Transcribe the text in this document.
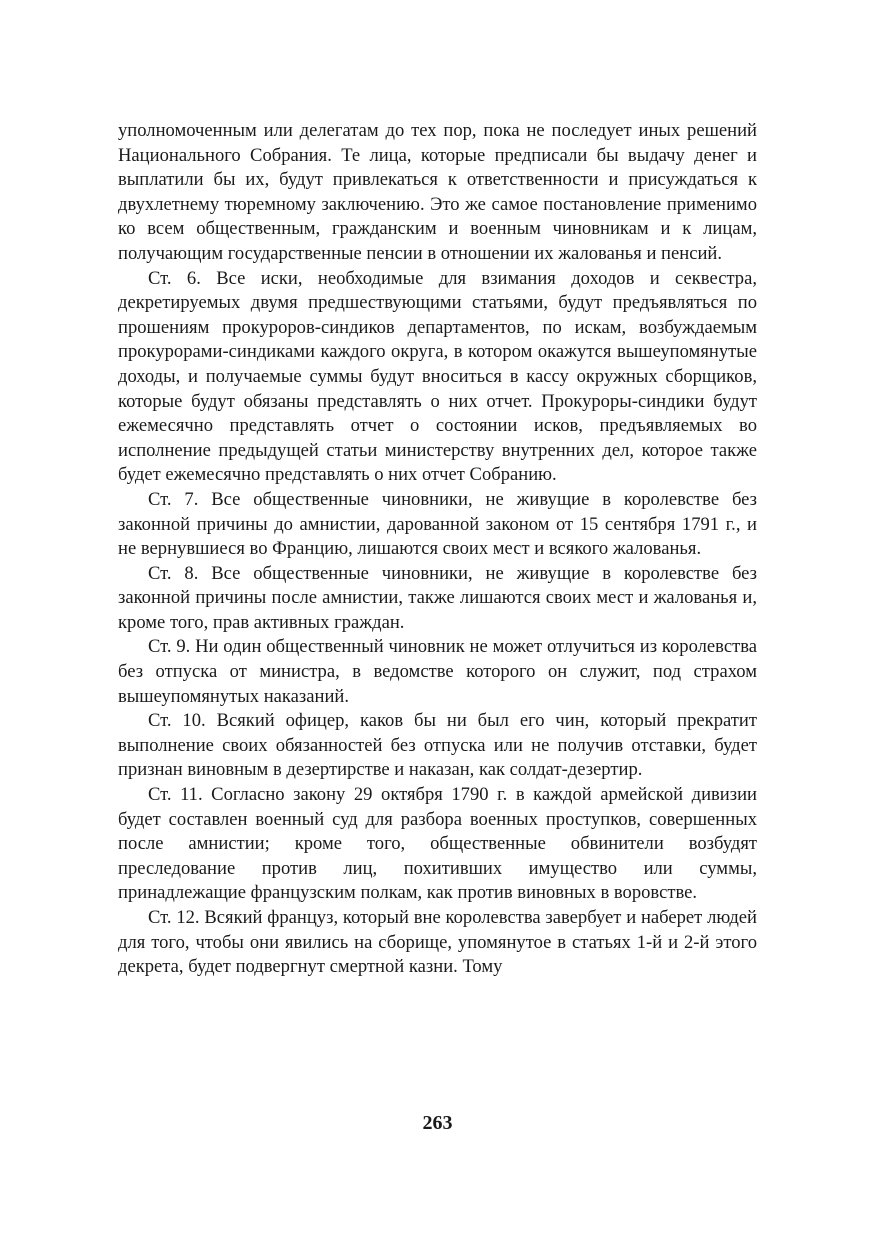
уполномоченным или делегатам до тех пор, пока не последует иных решений Национального Собрания. Те лица, которые предписали бы выдачу денег и выплатили бы их, будут привлекаться к ответственности и присуждаться к двухлетнему тюремному заключению. Это же самое постановление применимо ко всем общественным, гражданским и военным чиновникам и к лицам, получающим государственные пенсии в отношении их жалованья и пенсий.

Ст. 6. Все иски, необходимые для взимания доходов и секвестра, декретируемых двумя предшествующими статьями, будут предъявляться по прошениям прокуроров-синдиков департаментов, по искам, возбуждаемым прокурорами-синдиками каждого округа, в котором окажутся вышеупомянутые доходы, и получаемые суммы будут вноситься в кассу окружных сборщиков, которые будут обязаны представлять о них отчет. Прокуроры-синдики будут ежемесячно представлять отчет о состоянии исков, предъявляемых во исполнение предыдущей статьи министерству внутренних дел, которое также будет ежемесячно представлять о них отчет Собранию.

Ст. 7. Все общественные чиновники, не живущие в королевстве без законной причины до амнистии, дарованной законом от 15 сентября 1791 г., и не вернувшиеся во Францию, лишаются своих мест и всякого жалованья.

Ст. 8. Все общественные чиновники, не живущие в королевстве без законной причины после амнистии, также лишаются своих мест и жалованья и, кроме того, прав активных граждан.

Ст. 9. Ни один общественный чиновник не может отлучиться из королевства без отпуска от министра, в ведомстве которого он служит, под страхом вышеупомянутых наказаний.

Ст. 10. Всякий офицер, каков бы ни был его чин, который прекратит выполнение своих обязанностей без отпуска или не получив отставки, будет признан виновным в дезертирстве и наказан, как солдат-дезертир.

Ст. 11. Согласно закону 29 октября 1790 г. в каждой армейской дивизии будет составлен военный суд для разбора военных проступков, совершенных после амнистии; кроме того, общественные обвинители возбудят преследование против лиц, похитивших имущество или суммы, принадлежащие французским полкам, как против виновных в воровстве.

Ст. 12. Всякий француз, который вне королевства завербует и наберет людей для того, чтобы они явились на сборище, упомянутое в статьях 1-й и 2-й этого декрета, будет подвергнут смертной казни. Тому

263
